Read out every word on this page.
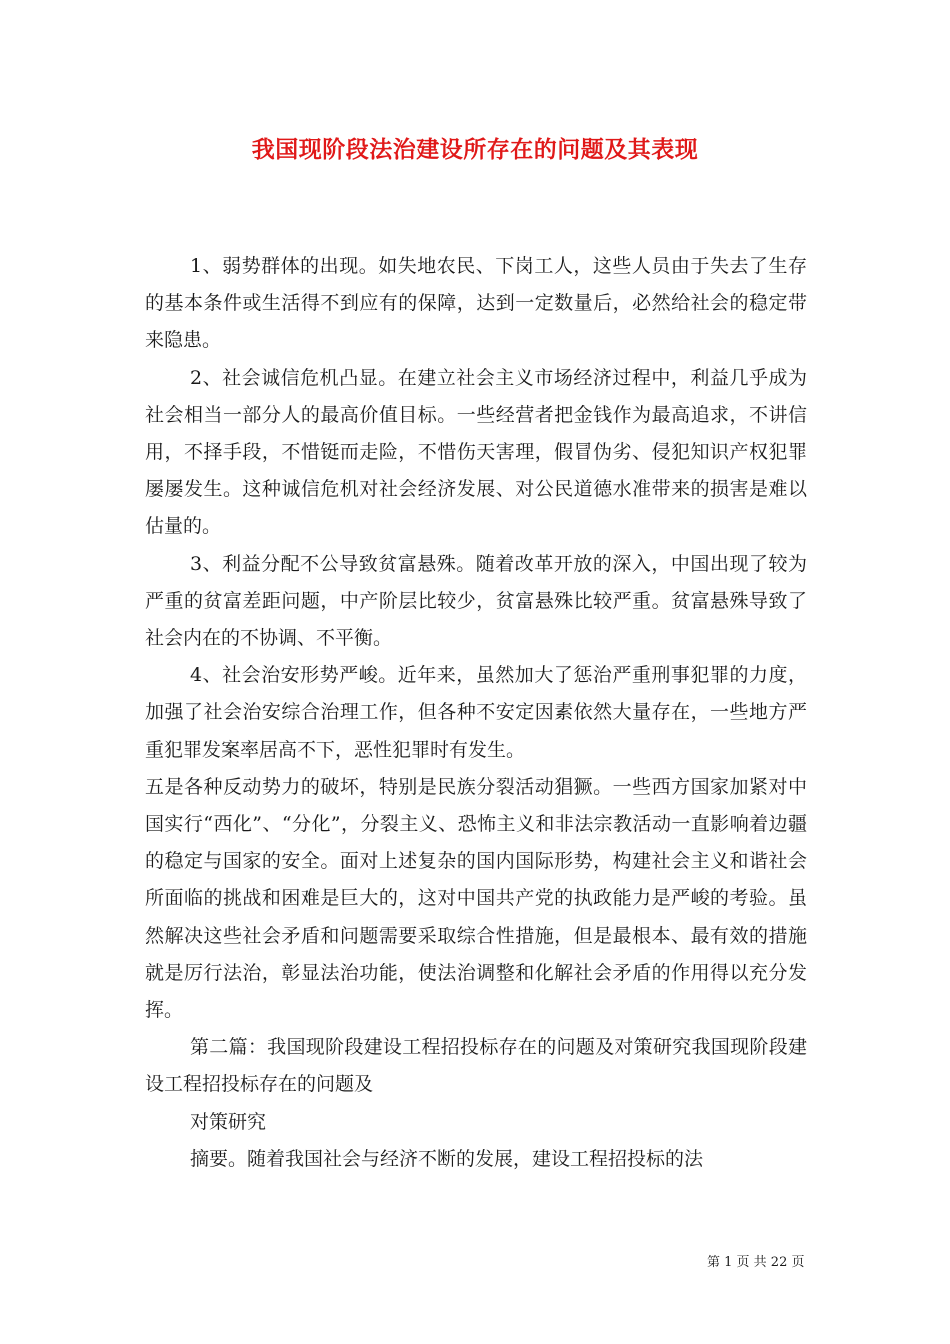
我国现阶段法治建设所存在的问题及其表现

1、弱势群体的出现。如失地农民、下岗工人，这些人员由于失去了生存的基本条件或生活得不到应有的保障，达到一定数量后，必然给社会的稳定带来隐患。

2、社会诚信危机凸显。在建立社会主义市场经济过程中，利益几乎成为社会相当一部分人的最高价值目标。一些经营者把金钱作为最高追求，不讲信用，不择手段，不惜铤而走险，不惜伤天害理，假冒伪劣、侵犯知识产权犯罪屡屡发生。这种诚信危机对社会经济发展、对公民道德水准带来的损害是难以估量的。

3、利益分配不公导致贫富悬殊。随着改革开放的深入，中国出现了较为严重的贫富差距问题，中产阶层比较少，贫富悬殊比较严重。贫富悬殊导致了社会内在的不协调、不平衡。

4、社会治安形势严峻。近年来，虽然加大了惩治严重刑事犯罪的力度，加强了社会治安综合治理工作，但各种不安定因素依然大量存在，一些地方严重犯罪发案率居高不下，恶性犯罪时有发生。

五是各种反动势力的破坏，特别是民族分裂活动猖獗。一些西方国家加紧对中国实行“西化”、“分化”，分裂主义、恐怖主义和非法宗教活动一直影响着边疆的稳定与国家的安全。面对上述复杂的国内国际形势，构建社会主义和谐社会所面临的挑战和困难是巨大的，这对中国共产党的执政能力是严峻的考验。虽然解决这些社会矛盾和问题需要采取综合性措施，但是最根本、最有效的措施就是厉行法治，彰显法治功能，使法治调整和化解社会矛盾的作用得以充分发挥。

第二篇：我国现阶段建设工程招投标存在的问题及对策研究我国现阶段建设工程招投标存在的问题及

对策研究

摘要。随着我国社会与经济不断的发展，建设工程招投标的法

第 1 页 共 22 页
